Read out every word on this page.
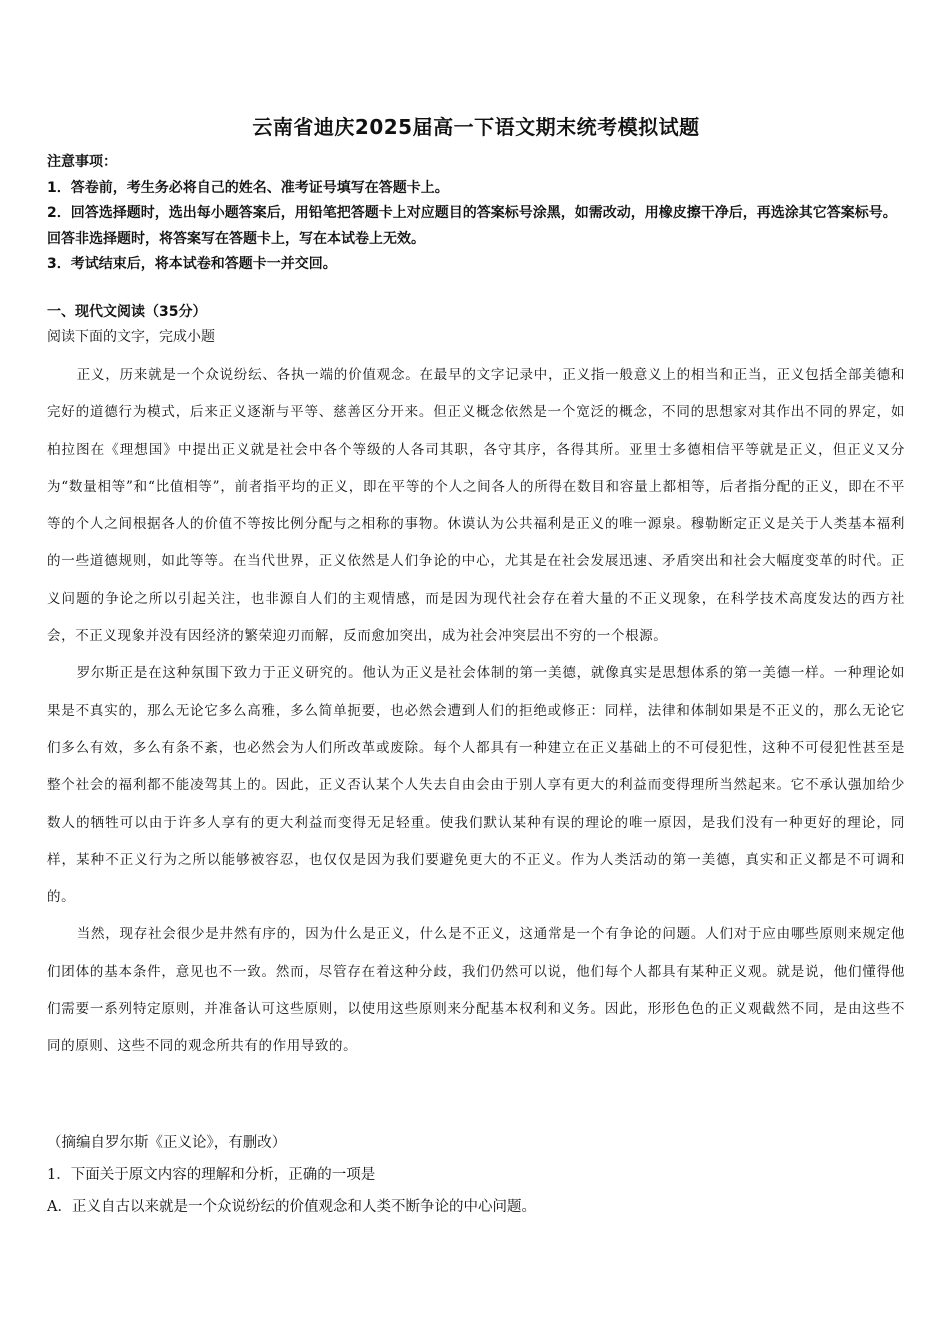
云南省迪庆2025届高一下语文期末统考模拟试题
注意事项：
1．答卷前，考生务必将自己的姓名、准考证号填写在答题卡上。
2．回答选择题时，选出每小题答案后，用铅笔把答题卡上对应题目的答案标号涂黑，如需改动，用橡皮擦干净后，再选涂其它答案标号。回答非选择题时，将答案写在答题卡上，写在本试卷上无效。
3．考试结束后，将本试卷和答题卡一并交回。
一、现代文阅读（35分）
阅读下面的文字，完成小题

正义，历来就是一个众说纷纭、各执一端的价值观念。在最早的文字记录中，正义指一般意义上的相当和正当，正义包括全部美德和完好的道德行为模式，后来正义逐渐与平等、慈善区分开来。但正义概念依然是一个宽泛的概念，不同的思想家对其作出不同的界定，如柏拉图在《理想国》中提出正义就是社会中各个等级的人各司其职，各守其序，各得其所。亚里士多德相信平等就是正义，但正义又分为“数量相等”和“比值相等”，前者指平均的正义，即在平等的个人之间各人的所得在数目和容量上都相等，后者指分配的正义，即在不平等的个人之间根据各人的价值不等按比例分配与之相称的事物。休谟认为公共福利是正义的唯一源泉。穆勒断定正义是关于人类基本福利的一些道德规则，如此等等。在当代世界，正义依然是人们争论的中心，尤其是在社会发展迅速、矛盾突出和社会大幅度变革的时代。正义问题的争论之所以引起关注，也非源自人们的主观情感，而是因为现代社会存在着大量的不正义现象，在科学技术高度发达的西方社会，不正义现象并没有因经济的繁荣迎刃而解，反而愈加突出，成为社会冲突层出不穷的一个根源。

罗尔斯正是在这种氛围下致力于正义研究的。他认为正义是社会体制的第一美德，就像真实是思想体系的第一美德一样。一种理论如果是不真实的，那么无论它多么高雅，多么简单扼要，也必然会遭到人们的拒绝或修正：同样，法律和体制如果是不正义的，那么无论它们多么有效，多么有条不紊，也必然会为人们所改革或废除。每个人都具有一种建立在正义基础上的不可侵犯性，这种不可侵犯性甚至是整个社会的福利都不能凌驾其上的。因此，正义否认某个人失去自由会由于别人享有更大的利益而变得理所当然起来。它不承认强加给少数人的牺牲可以由于许多人享有的更大利益而变得无足轻重。使我们默认某种有误的理论的唯一原因，是我们没有一种更好的理论，同样，某种不正义行为之所以能够被容忍，也仅仅是因为我们要避免更大的不正义。作为人类活动的第一美德，真实和正义都是不可调和的。

当然，现存社会很少是井然有序的，因为什么是正义，什么是不正义，这通常是一个有争论的问题。人们对于应由哪些原则来规定他们团体的基本条件，意见也不一致。然而，尽管存在着这种分歧，我们仍然可以说，他们每个人都具有某种正义观。就是说，他们懂得他们需要一系列特定原则，并准备认可这些原则，以使用这些原则来分配基本权利和义务。因此，形形色色的正义观截然不同，是由这些不同的原则、这些不同的观念所共有的作用导致的。

（摘编自罗尔斯《正义论》，有删改）
1．下面关于原文内容的理解和分析，正确的一项是
A．正义自古以来就是一个众说纷纭的价值观念和人类不断争论的中心问题。
